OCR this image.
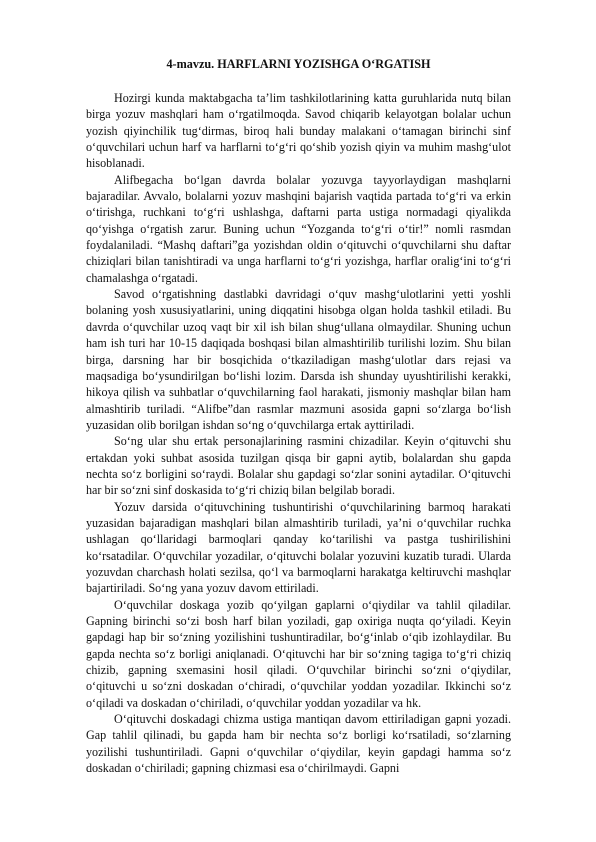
4-mavzu. HARFLARNI YOZISHGA O‘RGATISH

Hozirgi kunda maktabgacha ta’lim tashkilotlarining katta guruhlarida nutq bilan birga yozuv mashqlari ham o‘rgatilmoqda. Savod chiqarib kelayotgan bolalar uchun yozish qiyinchilik tug‘dirmas, biroq hali bunday malakani o‘tamagan birinchi sinf o‘quvchilari uchun harf va harflarni to‘g‘ri qo‘shib yozish qiyin va muhim mashg‘ulot hisoblanadi.

Alifbegacha bo‘lgan davrda bolalar yozuvga tayyorlaydigan mashqlarni bajaradilar. Avvalo, bolalarni yozuv mashqini bajarish vaqtida partada to‘g‘ri va erkin o‘tirishga, ruchkani to‘g‘ri ushlashga, daftarni parta ustiga normadagi qiyalikda qo‘yishga o‘rgatish zarur. Buning uchun “Yozganda to‘g‘ri o‘tir!” nomli rasmdan foydalaniladi. “Mashq daftari”ga yozishdan oldin o‘qituvchi o‘quvchilarni shu daftar chiziqlari bilan tanishtiradi va unga harflarni to‘g‘ri yozishga, harflar oralig‘ini to‘g‘ri chamalashga o‘rgatadi.

Savod o‘rgatishning dastlabki davridagi o‘quv mashg‘ulotlarini yetti yoshli bolaning yosh xususiyatlarini, uning diqqatini hisobga olgan holda tashkil etiladi. Bu davrda o‘quvchilar uzoq vaqt bir xil ish bilan shug‘ullana olmaydilar. Shuning uchun ham ish turi har 10-15 daqiqada boshqasi bilan almashtirilib turilishi lozim. Shu bilan birga, darsning har bir bosqichida o‘tkaziladigan mashg‘ulotlar dars rejasi va maqsadiga bo‘ysundirilgan bo‘lishi lozim. Darsda ish shunday uyushtirilishi kerakki, hikoya qilish va suhbatlar o‘quvchilarning faol harakati, jismoniy mashqlar bilan ham almashtirib turiladi. “Alifbe”dan rasmlar mazmuni asosida gapni so‘zlarga bo‘lish yuzasidan olib borilgan ishdan so‘ng o‘quvchilarga ertak ayttiriladi.

So‘ng ular shu ertak personajlarining rasmini chizadilar. Keyin o‘qituvchi shu ertakdan yoki suhbat asosida tuzilgan qisqa bir gapni aytib, bolalardan shu gapda nechta so‘z borligini so‘raydi. Bolalar shu gapdagi so‘zlar sonini aytadilar. O‘qituvchi har bir so‘zni sinf doskasida to‘g‘ri chiziq bilan belgilab boradi.

Yozuv darsida o‘qituvchining tushuntirishi o‘quvchilarining barmoq harakati yuzasidan bajaradigan mashqlari bilan almashtirib turiladi, ya’ni o‘quvchilar ruchka ushlagan qo‘llaridagi barmoqlari qanday ko‘tarilishi va pastga tushirilishini ko‘rsatadilar. O‘quvchilar yozadilar, o‘qituvchi bolalar yozuvini kuzatib turadi. Ularda yozuvdan charchash holati sezilsa, qo‘l va barmoqlarni harakatga keltiruvchi mashqlar bajartiriladi. So‘ng yana yozuv davom ettiriladi.

O‘quvchilar doskaga yozib qo‘yilgan gaplarni o‘qiydilar va tahlil qiladilar. Gapning birinchi so‘zi bosh harf bilan yoziladi, gap oxiriga nuqta qo‘yiladi. Keyin gapdagi hap bir so‘zning yozilishini tushuntiradilar, bo‘g‘inlab o‘qib izohlaydilar. Bu gapda nechta so‘z borligi aniqlanadi. O‘qituvchi har bir so‘zning tagiga to‘g‘ri chiziq chizib, gapning sxemasini hosil qiladi. O‘quvchilar birinchi so‘zni o‘qiydilar, o‘qituvchi u so‘zni doskadan o‘chiradi, o‘quvchilar yoddan yozadilar. Ikkinchi so‘z o‘qiladi va doskadan o‘chiriladi, o‘quvchilar yoddan yozadilar va hk.

O‘qituvchi doskadagi chizma ustiga mantiqan davom ettiriladigan gapni yozadi. Gap tahlil qilinadi, bu gapda ham bir nechta so‘z borligi ko‘rsatiladi, so‘zlarning yozilishi tushuntiriladi. Gapni o‘quvchilar o‘qiydilar, keyin gapdagi hamma so‘z doskadan o‘chiriladi; gapning chizmasi esa o‘chirilmaydi. Gapni
